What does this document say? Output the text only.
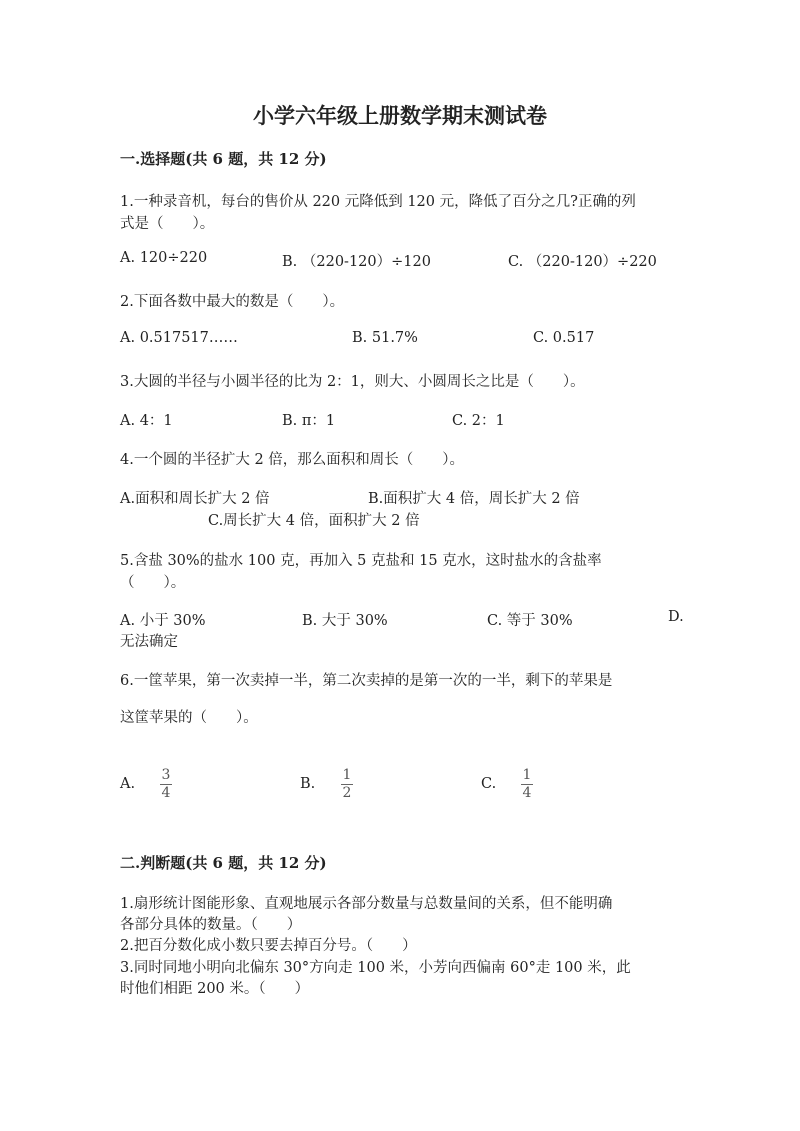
小学六年级上册数学期末测试卷
一.选择题(共 6 题，共 12 分)
1.一种录音机，每台的售价从 220 元降低到 120 元，降低了百分之几?正确的列
式是（　　）。
A. 120÷220	B. （220-120）÷120	C. （220-120）÷220
2.下面各数中最大的数是（　　）。
A. 0.517517……	B. 51.7%	C. 0.517
3.大圆的半径与小圆半径的比为 2：1，则大、小圆周长之比是（　　）。
A. 4：1	B. π：1	C. 2：1
4.一个圆的半径扩大 2 倍，那么面积和周长（　　）。
A.面积和周长扩大 2 倍	B.面积扩大 4 倍，周长扩大 2 倍
C.周长扩大 4 倍，面积扩大 2 倍
5.含盐 30%的盐水 100 克，再加入 5 克盐和 15 克水，这时盐水的含盐率
（　　）。
A. 小于 30%	B. 大于 30%	C. 等于 30%	D.
无法确定
6.一筐苹果，第一次卖掉一半，第二次卖掉的是第一次的一半，剩下的苹果是
这筐苹果的（　　）。
A.
3
4
B.
1
2
C.
1
4
二.判断题(共 6 题，共 12 分)
1.扇形统计图能形象、直观地展示各部分数量与总数量间的关系，但不能明确
各部分具体的数量。（　　）
2.把百分数化成小数只要去掉百分号。（　　）
3.同时同地小明向北偏东 30°方向走 100 米，小芳向西偏南 60°走 100 米，此
时他们相距 200 米。（　　）
